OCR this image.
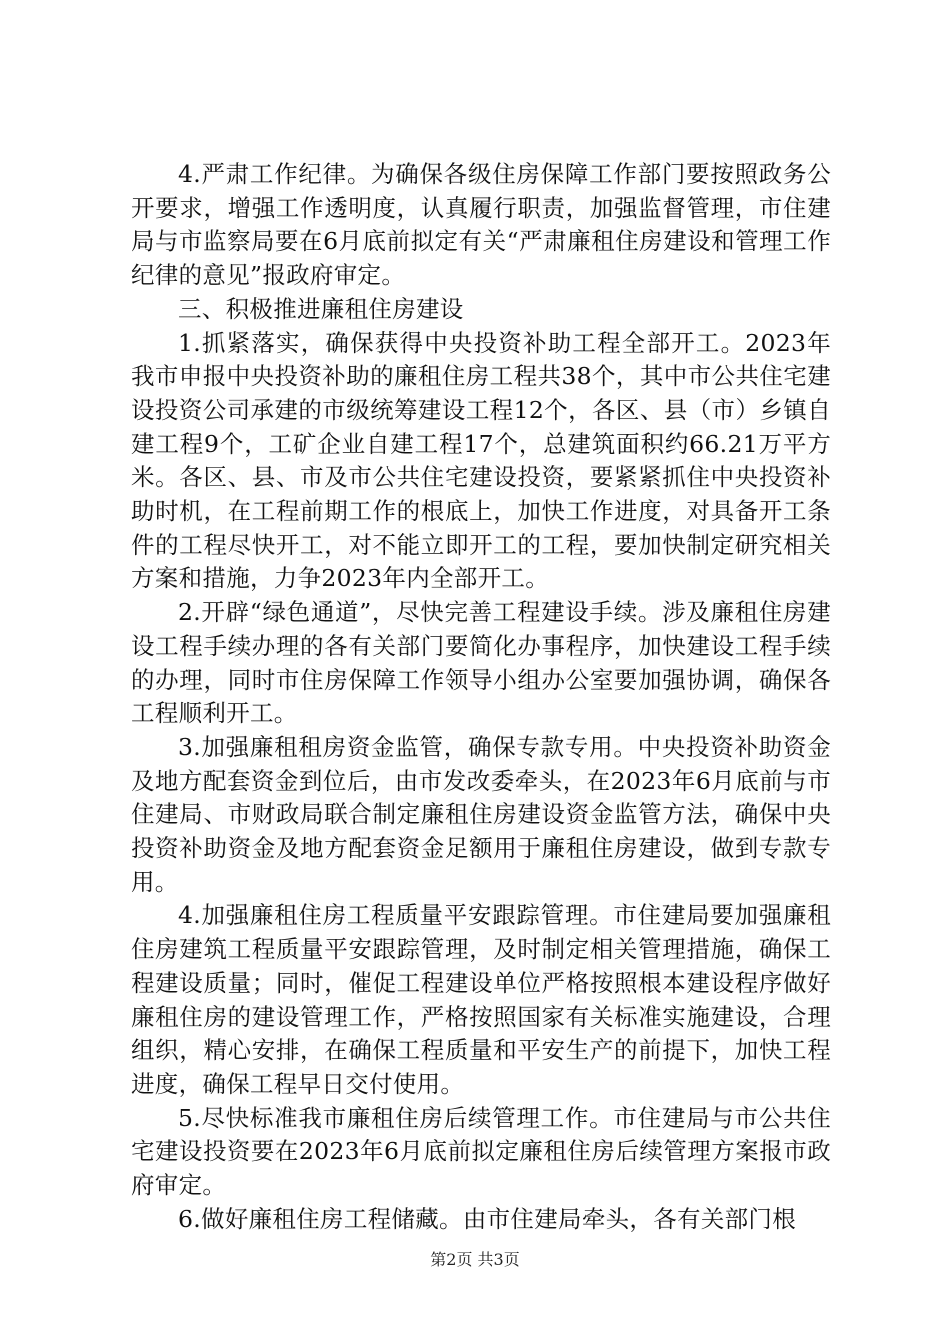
4.严肃工作纪律。为确保各级住房保障工作部门要按照政务公开要求，增强工作透明度，认真履行职责，加强监督管理，市住建局与市监察局要在6月底前拟定有关“严肃廉租住房建设和管理工作纪律的意见”报政府审定。

三、积极推进廉租住房建设

1.抓紧落实，确保获得中央投资补助工程全部开工。2023年我市申报中央投资补助的廉租住房工程共38个，其中市公共住宅建设投资公司承建的市级统筹建设工程12个，各区、县（市）乡镇自建工程9个，工矿企业自建工程17个，总建筑面积约66.21万平方米。各区、县、市及市公共住宅建设投资，要紧紧抓住中央投资补助时机，在工程前期工作的根底上，加快工作进度，对具备开工条件的工程尽快开工，对不能立即开工的工程，要加快制定研究相关方案和措施，力争2023年内全部开工。

2.开辟“绿色通道”，尽快完善工程建设手续。涉及廉租住房建设工程手续办理的各有关部门要简化办事程序，加快建设工程手续的办理，同时市住房保障工作领导小组办公室要加强协调，确保各工程顺利开工。

3.加强廉租租房资金监管，确保专款专用。中央投资补助资金及地方配套资金到位后，由市发改委牵头，在2023年6月底前与市住建局、市财政局联合制定廉租住房建设资金监管方法，确保中央投资补助资金及地方配套资金足额用于廉租住房建设，做到专款专用。

4.加强廉租住房工程质量平安跟踪管理。市住建局要加强廉租住房建筑工程质量平安跟踪管理，及时制定相关管理措施，确保工程建设质量；同时，催促工程建设单位严格按照根本建设程序做好廉租住房的建设管理工作，严格按照国家有关标准实施建设，合理组织，精心安排，在确保工程质量和平安生产的前提下，加快工程进度，确保工程早日交付使用。

5.尽快标准我市廉租住房后续管理工作。市住建局与市公共住宅建设投资要在2023年6月底前拟定廉租住房后续管理方案报市政府审定。

6.做好廉租住房工程储藏。由市住建局牵头，各有关部门根

第2页 共3页
